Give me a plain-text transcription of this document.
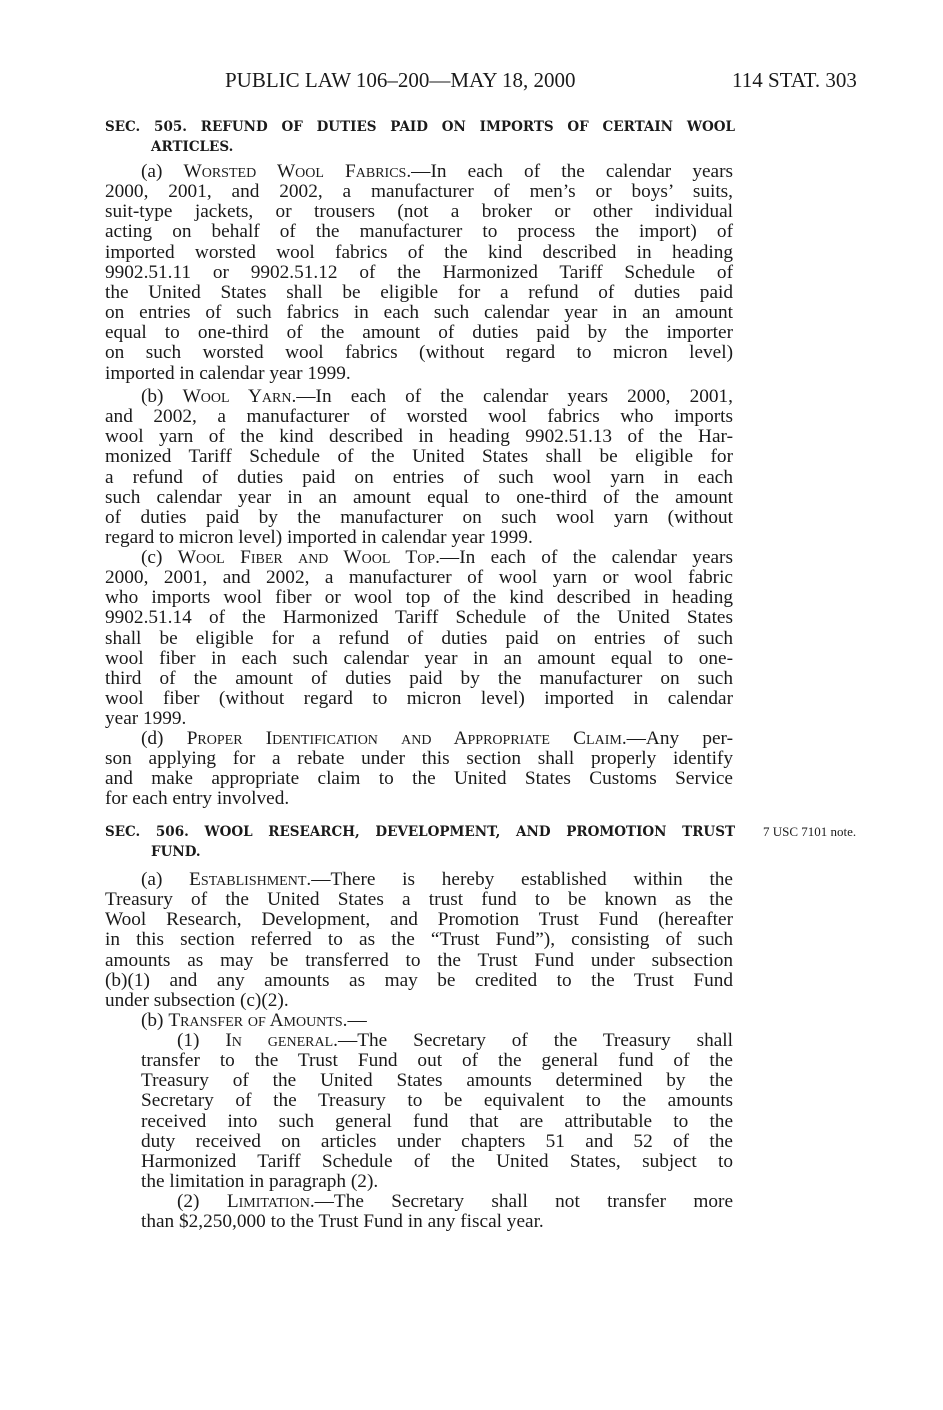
PUBLIC LAW 106–200—MAY 18, 2000	114 STAT. 303
SEC. 505. REFUND OF DUTIES PAID ON IMPORTS OF CERTAIN WOOL
ARTICLES.
(a) Worsted Wool Fabrics.—In each of the calendar years
2000, 2001, and 2002, a manufacturer of men’s or boys’ suits,
suit-type jackets, or trousers (not a broker or other individual
acting on behalf of the manufacturer to process the import) of
imported worsted wool fabrics of the kind described in heading
9902.51.11 or 9902.51.12 of the Harmonized Tariff Schedule of
the United States shall be eligible for a refund of duties paid
on entries of such fabrics in each such calendar year in an amount
equal to one-third of the amount of duties paid by the importer
on such worsted wool fabrics (without regard to micron level)
imported in calendar year 1999.
(b) Wool Yarn.—In each of the calendar years 2000, 2001,
and 2002, a manufacturer of worsted wool fabrics who imports
wool yarn of the kind described in heading 9902.51.13 of the Har-
monized Tariff Schedule of the United States shall be eligible for
a refund of duties paid on entries of such wool yarn in each
such calendar year in an amount equal to one-third of the amount
of duties paid by the manufacturer on such wool yarn (without
regard to micron level) imported in calendar year 1999.
(c) Wool Fiber and Wool Top.—In each of the calendar years
2000, 2001, and 2002, a manufacturer of wool yarn or wool fabric
who imports wool fiber or wool top of the kind described in heading
9902.51.14 of the Harmonized Tariff Schedule of the United States
shall be eligible for a refund of duties paid on entries of such
wool fiber in each such calendar year in an amount equal to one-
third of the amount of duties paid by the manufacturer on such
wool fiber (without regard to micron level) imported in calendar
year 1999.
(d) Proper Identification and Appropriate Claim.—Any per-
son applying for a rebate under this section shall properly identify
and make appropriate claim to the United States Customs Service
for each entry involved.
SEC. 506. WOOL RESEARCH, DEVELOPMENT, AND PROMOTION TRUST
FUND.
7 USC 7101 note.
(a) Establishment.—There is hereby established within the
Treasury of the United States a trust fund to be known as the
Wool Research, Development, and Promotion Trust Fund (hereafter
in this section referred to as the “Trust Fund”), consisting of such
amounts as may be transferred to the Trust Fund under subsection
(b)(1) and any amounts as may be credited to the Trust Fund
under subsection (c)(2).
(b) Transfer of Amounts.—
(1) In general.—The Secretary of the Treasury shall
transfer to the Trust Fund out of the general fund of the
Treasury of the United States amounts determined by the
Secretary of the Treasury to be equivalent to the amounts
received into such general fund that are attributable to the
duty received on articles under chapters 51 and 52 of the
Harmonized Tariff Schedule of the United States, subject to
the limitation in paragraph (2).
(2) Limitation.—The Secretary shall not transfer more
than $2,250,000 to the Trust Fund in any fiscal year.
